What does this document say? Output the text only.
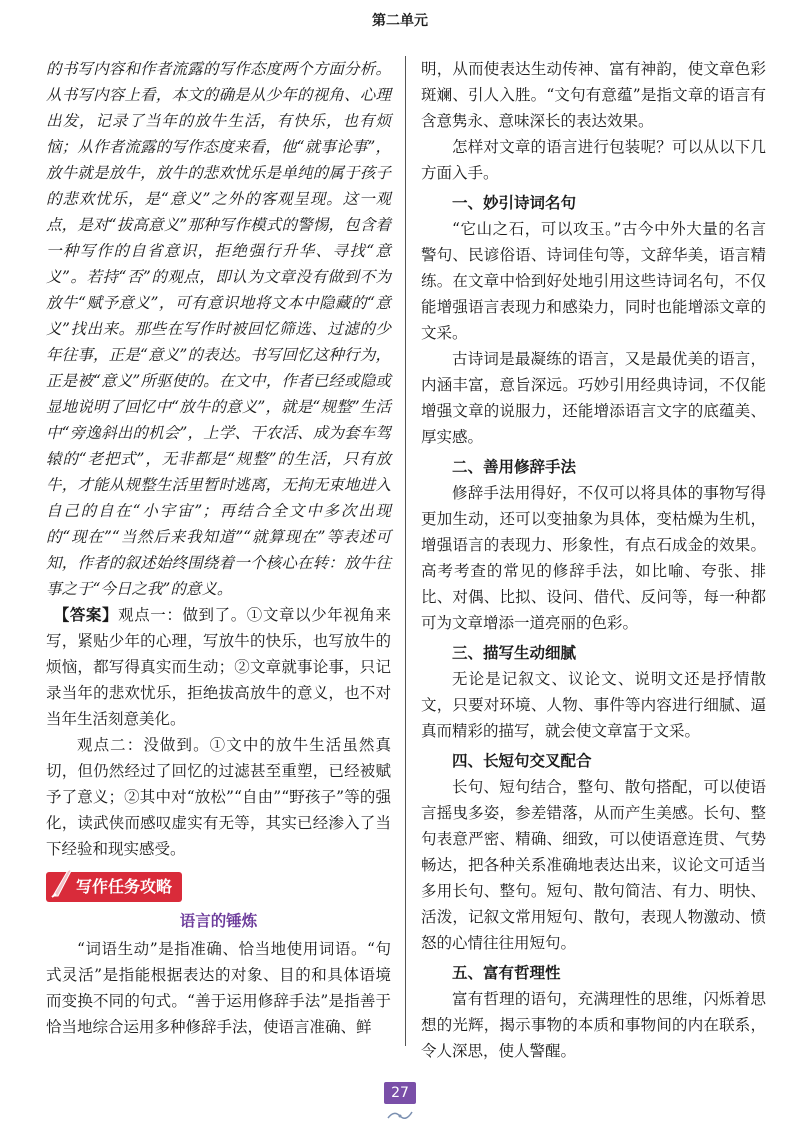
第二单元

的书写内容和作者流露的写作态度两个方面分析。从书写内容上看，本文的确是从少年的视角、心理出发，记录了当年的放牛生活，有快乐，也有烦恼；从作者流露的写作态度来看，他“就事论事”，放牛就是放牛，放牛的悲欢忧乐是单纯的属于孩子的悲欢忧乐，是“意义”之外的客观呈现。这一观点，是对“拔高意义”那种写作模式的警惕，包含着一种写作的自省意识，拒绝强行升华、寻找“意义”。若持“否”的观点，即认为文章没有做到不为放牛“赋予意义”，可有意识地将文本中隐藏的“意义”找出来。那些在写作时被回忆筛选、过滤的少年往事，正是“意义”的表达。书写回忆这种行为，正是被“意义”所驱使的。在文中，作者已经或隐或显地说明了回忆中“放牛的意义”，就是“规整”生活中“旁逸斜出的机会”，上学、干农活、成为套车驾辕的“老把式”，无非都是“规整”的生活，只有放牛，才能从规整生活里暂时逃离，无拘无束地进入自己的自在“小宇宙”；再结合全文中多次出现的“现在”“当然后来我知道”“就算现在”等表述可知，作者的叙述始终围绕着一个核心在转：放牛往事之于“今日之我”的意义。

【答案】观点一：做到了。①文章以少年视角来写，紧贴少年的心理，写放牛的快乐，也写放牛的烦恼，都写得真实而生动；②文章就事论事，只记录当年的悲欢忧乐，拒绝拔高放牛的意义，也不对当年生活刻意美化。

观点二：没做到。①文中的放牛生活虽然真切，但仍然经过了回忆的过滤甚至重塑，已经被赋予了意义；②其中对“放松”“自由”“野孩子”等的强化，读武侠而感叹虚实有无等，其实已经渗入了当下经验和现实感受。

写作任务攻略
语言的锤炼

“词语生动”是指准确、恰当地使用词语。“句式灵活”是指能根据表达的对象、目的和具体语境而变换不同的句式。“善于运用修辞手法”是指善于恰当地综合运用多种修辞手法，使语言准确、鲜

明，从而使表达生动传神、富有神韵，使文章色彩斑斓、引人入胜。“文句有意蕴”是指文章的语言有含意隽永、意味深长的表达效果。

怎样对文章的语言进行包装呢？可以从以下几方面入手。

一、妙引诗词名句

“它山之石，可以攻玉。”古今中外大量的名言警句、民谚俗语、诗词佳句等，文辞华美，语言精练。在文章中恰到好处地引用这些诗词名句，不仅能增强语言表现力和感染力，同时也能增添文章的文采。

古诗词是最凝练的语言，又是最优美的语言，内涵丰富，意旨深远。巧妙引用经典诗词，不仅能增强文章的说服力，还能增添语言文字的底蕴美、厚实感。

二、善用修辞手法

修辞手法用得好，不仅可以将具体的事物写得更加生动，还可以变抽象为具体，变枯燥为生机，增强语言的表现力、形象性，有点石成金的效果。高考考查的常见的修辞手法，如比喻、夸张、排比、对偶、比拟、设问、借代、反问等，每一种都可为文章增添一道亮丽的色彩。

三、描写生动细腻

无论是记叙文、议论文、说明文还是抒情散文，只要对环境、人物、事件等内容进行细腻、逼真而精彩的描写，就会使文章富于文采。

四、长短句交叉配合

长句、短句结合，整句、散句搭配，可以使语言摇曳多姿，参差错落，从而产生美感。长句、整句表意严密、精确、细致，可以使语意连贯、气势畅达，把各种关系准确地表达出来，议论文可适当多用长句、整句。短句、散句简洁、有力、明快、活泼，记叙文常用短句、散句，表现人物激动、愤怒的心情往往用短句。

五、富有哲理性

富有哲理的语句，充满理性的思维，闪烁着思想的光辉，揭示事物的本质和事物间的内在联系，令人深思，使人警醒。

27
